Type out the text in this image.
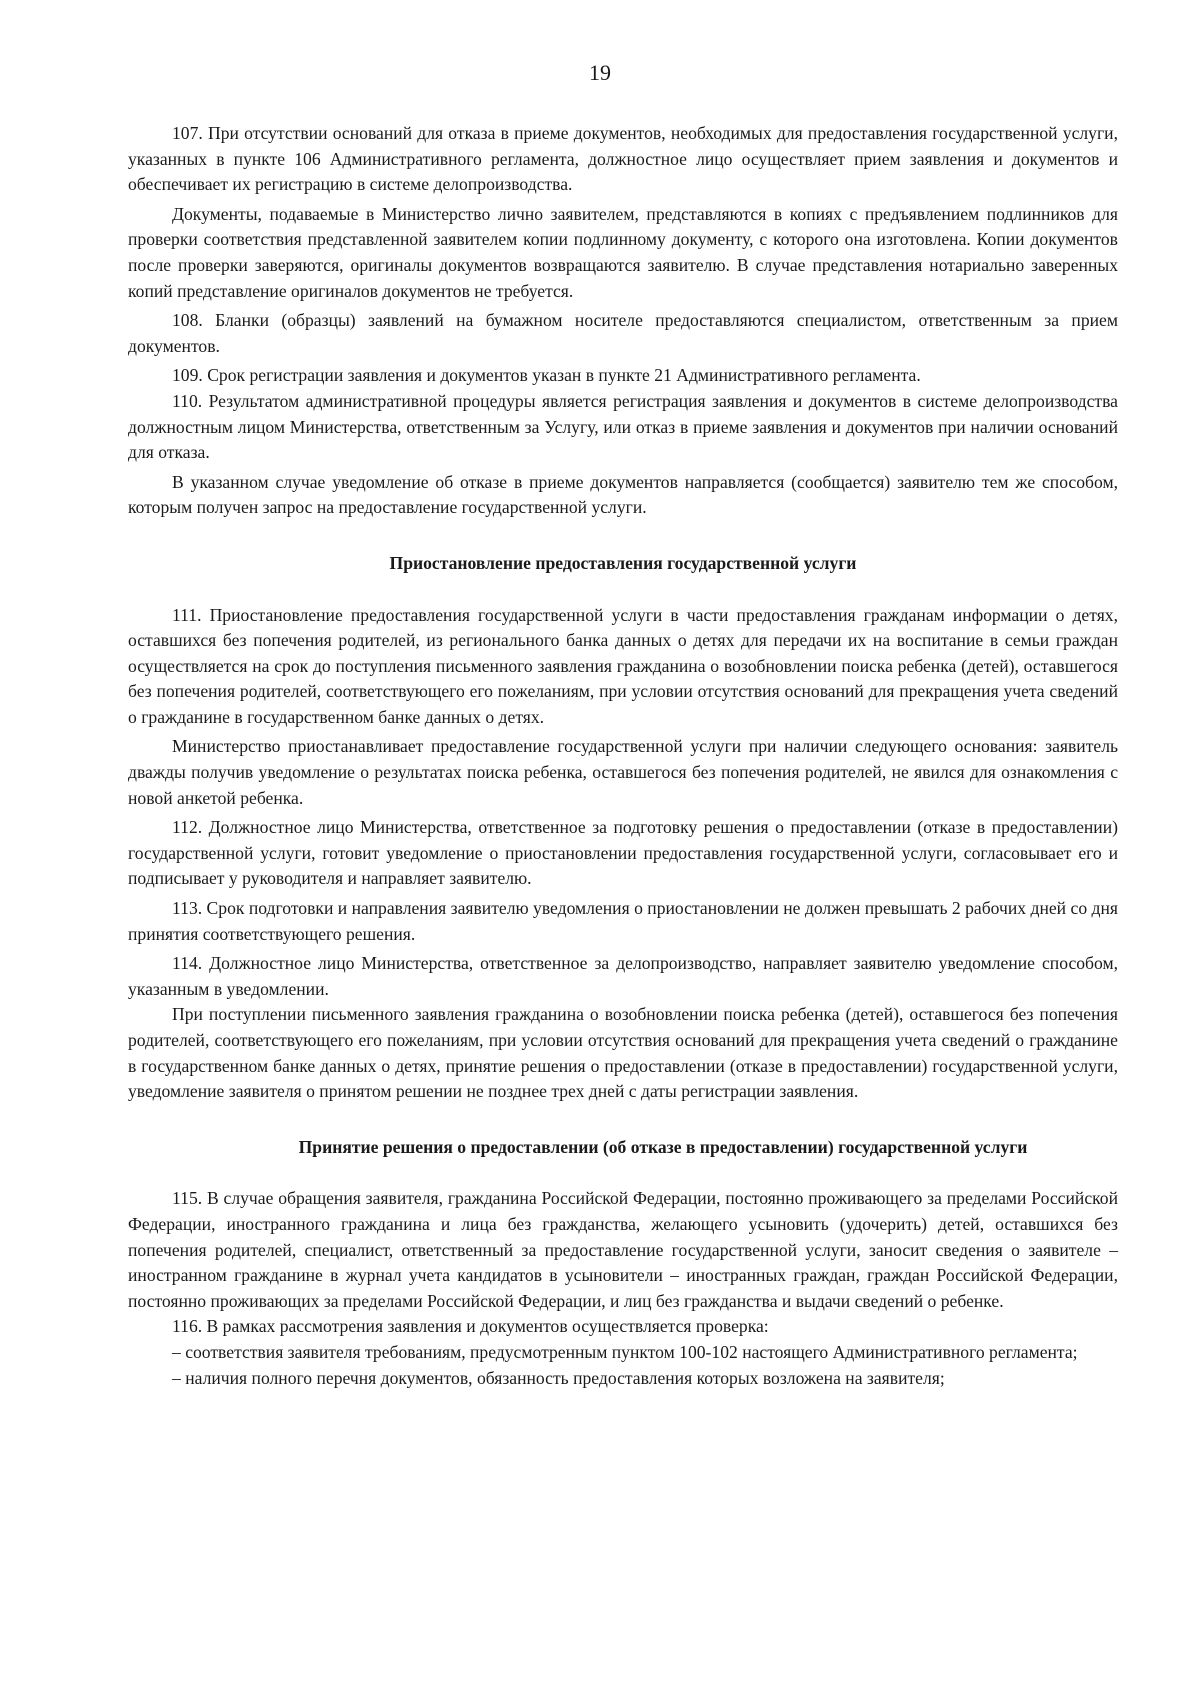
19

107. При отсутствии оснований для отказа в приеме документов, необходимых для предоставления государственной услуги, указанных в пункте 106 Административного регламента, должностное лицо осуществляет прием заявления и документов и обеспечивает их регистрацию в системе делопроизводства.

Документы, подаваемые в Министерство лично заявителем, представляются в копиях с предъявлением подлинников для проверки соответствия представленной заявителем копии подлинному документу, с которого она изготовлена. Копии документов после проверки заверяются, оригиналы документов возвращаются заявителю. В случае представления нотариально заверенных копий представление оригиналов документов не требуется.

108. Бланки (образцы) заявлений на бумажном носителе предоставляются специалистом, ответственным за прием документов.

109. Срок регистрации заявления и документов указан в пункте 21 Административного регламента.

110. Результатом административной процедуры является регистрация заявления и документов в системе делопроизводства должностным лицом Министерства, ответственным за Услугу, или отказ в приеме заявления и документов при наличии оснований для отказа.

В указанном случае уведомление об отказе в приеме документов направляется (сообщается) заявителю тем же способом, которым получен запрос на предоставление государственной услуги.

Приостановление предоставления государственной услуги

111. Приостановление предоставления государственной услуги в части предоставления гражданам информации о детях, оставшихся без попечения родителей, из регионального банка данных о детях для передачи их на воспитание в семьи граждан осуществляется на срок до поступления письменного заявления гражданина о возобновлении поиска ребенка (детей), оставшегося без попечения родителей, соответствующего его пожеланиям, при условии отсутствия оснований для прекращения учета сведений о гражданине в государственном банке данных о детях.

Министерство приостанавливает предоставление государственной услуги при наличии следующего основания: заявитель дважды получив уведомление о результатах поиска ребенка, оставшегося без попечения родителей, не явился для ознакомления с новой анкетой ребенка.

112. Должностное лицо Министерства, ответственное за подготовку решения о предоставлении (отказе в предоставлении) государственной услуги, готовит уведомление о приостановлении предоставления государственной услуги, согласовывает его и подписывает у руководителя и направляет заявителю.

113. Срок подготовки и направления заявителю уведомления о приостановлении не должен превышать 2 рабочих дней со дня принятия соответствующего решения.

114. Должностное лицо Министерства, ответственное за делопроизводство, направляет заявителю уведомление способом, указанным в уведомлении.

При поступлении письменного заявления гражданина о возобновлении поиска ребенка (детей), оставшегося без попечения родителей, соответствующего его пожеланиям, при условии отсутствия оснований для прекращения учета сведений о гражданине в государственном банке данных о детях, принятие решения о предоставлении (отказе в предоставлении) государственной услуги, уведомление заявителя о принятом решении не позднее трех дней с даты регистрации заявления.

Принятие решения о предоставлении (об отказе в предоставлении) государственной услуги

115. В случае обращения заявителя, гражданина Российской Федерации, постоянно проживающего за пределами Российской Федерации, иностранного гражданина и лица без гражданства, желающего усыновить (удочерить) детей, оставшихся без попечения родителей, специалист, ответственный за предоставление государственной услуги, заносит сведения о заявителе – иностранном гражданине в журнал учета кандидатов в усыновители – иностранных граждан, граждан Российской Федерации, постоянно проживающих за пределами Российской Федерации, и лиц без гражданства и выдачи сведений о ребенке.

116. В рамках рассмотрения заявления и документов осуществляется проверка:

– соответствия заявителя требованиям, предусмотренным пунктом 100-102 настоящего Административного регламента;

– наличия полного перечня документов, обязанность предоставления которых возложена на заявителя;
